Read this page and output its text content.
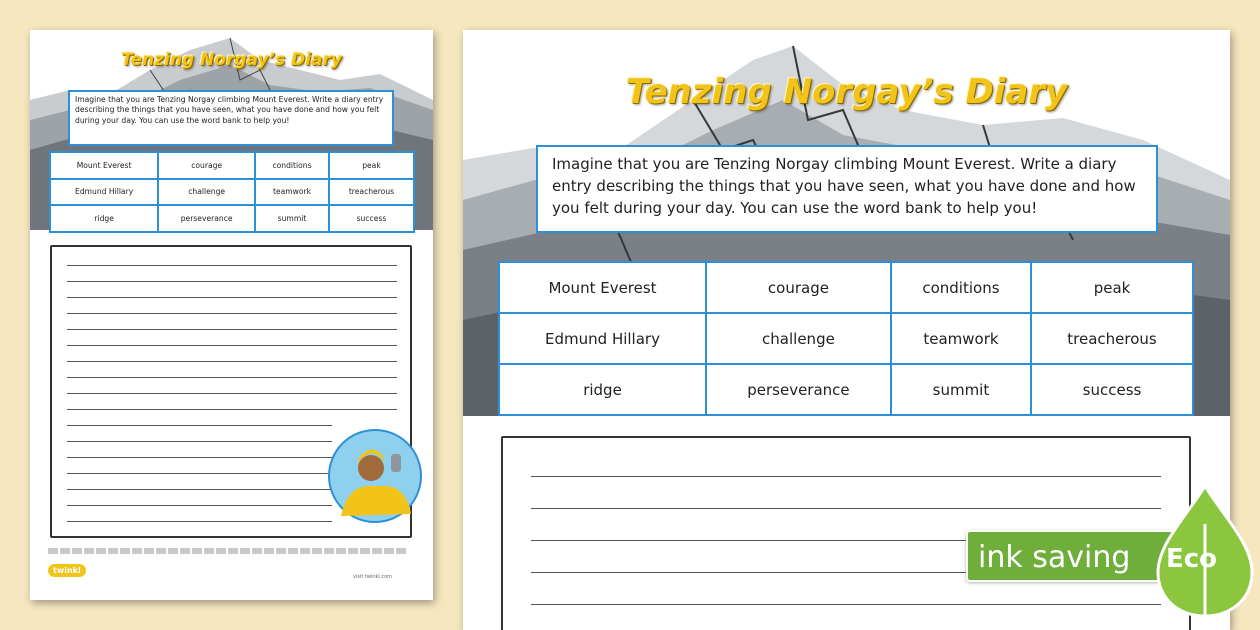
Tenzing Norgay’s Diary
Imagine that you are Tenzing Norgay climbing Mount Everest. Write a diary entry describing the things that you have seen, what you have done and how you felt during your day. You can use the word bank to help you!
Mount Everest	courage	conditions	peak
Edmund Hillary	challenge	teamwork	treacherous
ridge	perseverance	summit	success
twinkl
visit twinkl.com
Tenzing Norgay’s Diary
Imagine that you are Tenzing Norgay climbing Mount Everest. Write a diary entry describing the things that you have seen, what you have done and how you felt during your day. You can use the word bank to help you!
Mount Everest	courage	conditions	peak
Edmund Hillary	challenge	teamwork	treacherous
ridge	perseverance	summit	success
ink saving Eco
